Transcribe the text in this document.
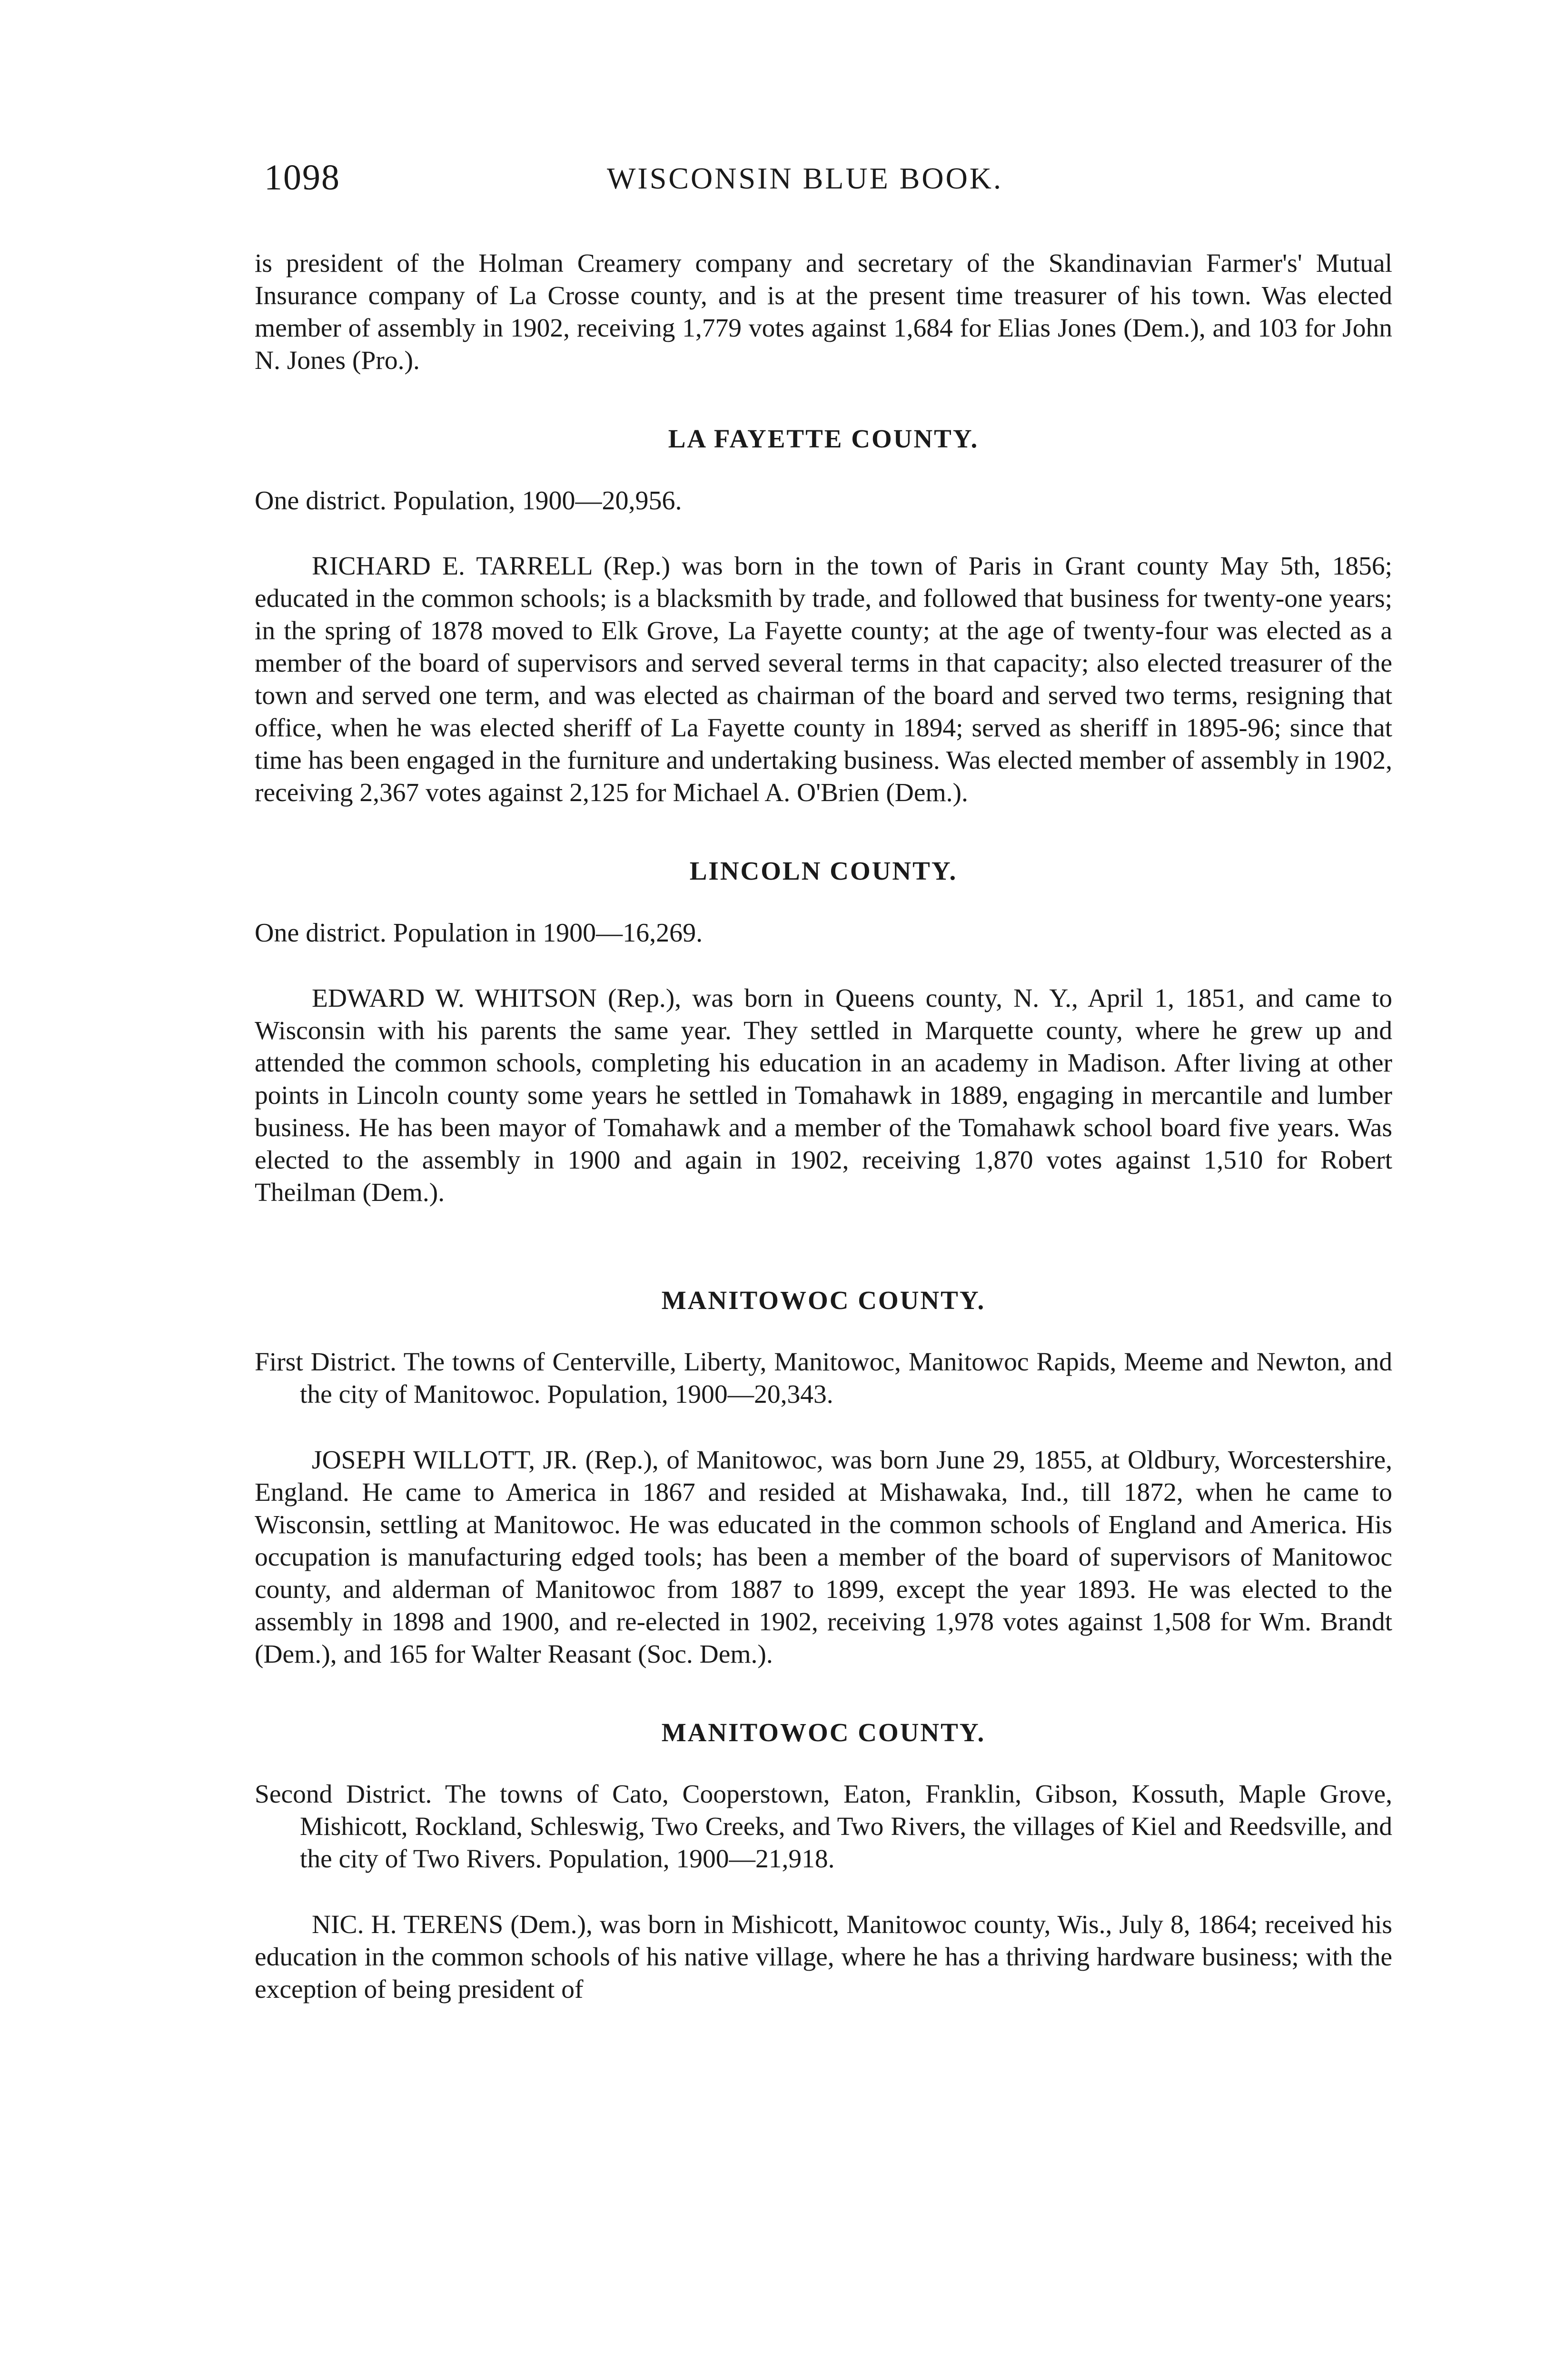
1098	WISCONSIN BLUE BOOK.

is president of the Holman Creamery company and secretary of the Skandinavian Farmer's' Mutual Insurance company of La Crosse county, and is at the present time treasurer of his town. Was elected member of assembly in 1902, receiving 1,779 votes against 1,684 for Elias Jones (Dem.), and 103 for John N. Jones (Pro.).

LA FAYETTE COUNTY.

One district. Population, 1900—20,956.

RICHARD E. TARRELL (Rep.) was born in the town of Paris in Grant county May 5th, 1856; educated in the common schools; is a blacksmith by trade, and followed that business for twenty-one years; in the spring of 1878 moved to Elk Grove, La Fayette county; at the age of twenty-four was elected as a member of the board of supervisors and served several terms in that capacity; also elected treasurer of the town and served one term, and was elected as chairman of the board and served two terms, resigning that office, when he was elected sheriff of La Fayette county in 1894; served as sheriff in 1895-96; since that time has been engaged in the furniture and undertaking business. Was elected member of assembly in 1902, receiving 2,367 votes against 2,125 for Michael A. O'Brien (Dem.).

LINCOLN COUNTY.

One district. Population in 1900—16,269.

EDWARD W. WHITSON (Rep.), was born in Queens county, N. Y., April 1, 1851, and came to Wisconsin with his parents the same year. They settled in Marquette county, where he grew up and attended the common schools, completing his education in an academy in Madison. After living at other points in Lincoln county some years he settled in Tomahawk in 1889, engaging in mercantile and lumber business. He has been mayor of Tomahawk and a member of the Tomahawk school board five years. Was elected to the assembly in 1900 and again in 1902, receiving 1,870 votes against 1,510 for Robert Theilman (Dem.).

MANITOWOC COUNTY.

First District. The towns of Centerville, Liberty, Manitowoc, Manitowoc Rapids, Meeme and Newton, and the city of Manitowoc. Population, 1900—20,343.

JOSEPH WILLOTT, JR. (Rep.), of Manitowoc, was born June 29, 1855, at Oldbury, Worcestershire, England. He came to America in 1867 and resided at Mishawaka, Ind., till 1872, when he came to Wisconsin, settling at Manitowoc. He was educated in the common schools of England and America. His occupation is manufacturing edged tools; has been a member of the board of supervisors of Manitowoc county, and alderman of Manitowoc from 1887 to 1899, except the year 1893. He was elected to the assembly in 1898 and 1900, and re-elected in 1902, receiving 1,978 votes against 1,508 for Wm. Brandt (Dem.), and 165 for Walter Reasant (Soc. Dem.).

MANITOWOC COUNTY.

Second District. The towns of Cato, Cooperstown, Eaton, Franklin, Gibson, Kossuth, Maple Grove, Mishicott, Rockland, Schleswig, Two Creeks, and Two Rivers, the villages of Kiel and Reedsville, and the city of Two Rivers. Population, 1900—21,918.

NIC. H. TERENS (Dem.), was born in Mishicott, Manitowoc county, Wis., July 8, 1864; received his education in the common schools of his native village, where he has a thriving hardware business; with the exception of being president of
